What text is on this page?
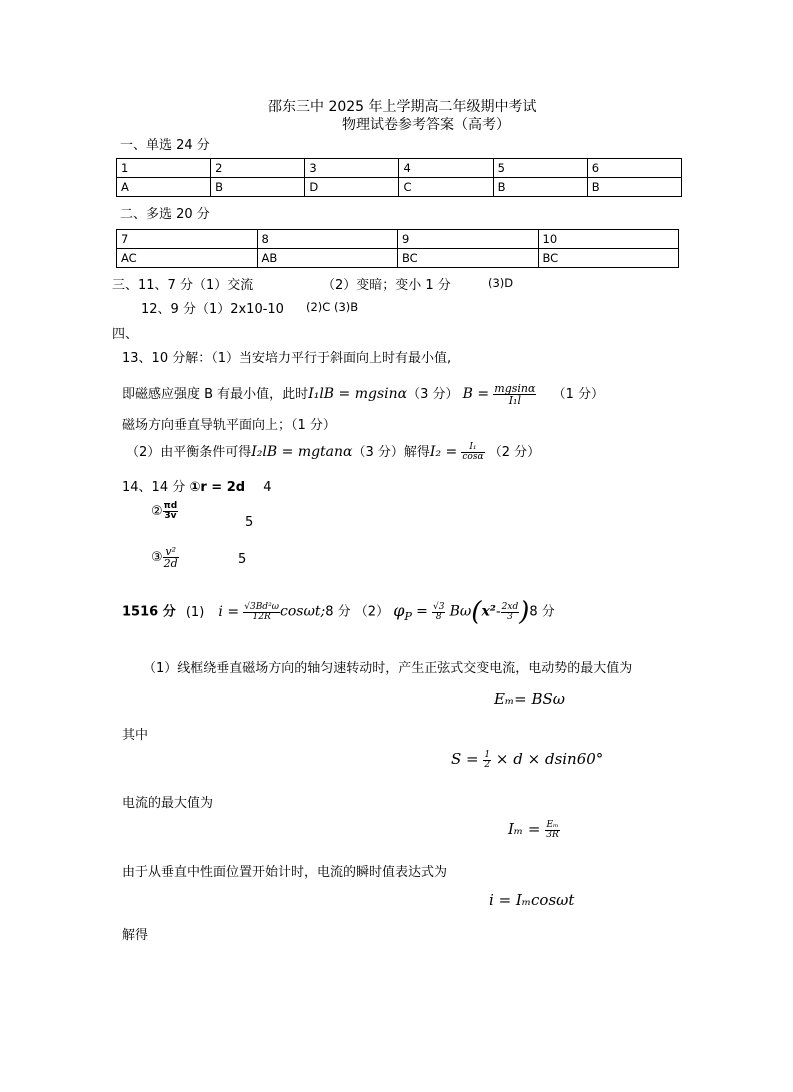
邵东三中 2025 年上学期高二年级期中考试
物理试卷参考答案（高考）
一、单选 24 分
1	2	3	4	5	6
A	B	D	C	B	B
二、多选 20 分
7	8	9	10
AC	AB	BC	BC
三、11、7 分（1）交流	（2）变暗；变小 1 分	(3)D
12、9 分（1）2x10-10 (2)C (3)B
四、
13、10 分解：（1）当安培力平行于斜面向上时有最小值,
即磁感应强度 B 有最小值，此时I₁lB = mgsinα（3 分） $B = \frac{mgsin\alpha}{\text{I₁l}} (1$ 分）
磁场方向垂直导轨平面向上；（1 分）
（2）由平衡条件可得I₂lB = mgtanα（3 分）解得$I_2 = \frac{\text{I₁}}{\cos\alpha} (2$ 分）
14、14 分 ①r = 2d 4
② $\frac{\pi d}{3v}$
5
③ $\frac{\text{v²}}{2d}$	5
1516 分 (1) $i = \frac{\text{√3Bd²ω}}{12R}$ cosωt;8 分 （2） $\varphi_P = \frac{√3}{8} B\omega(x^2- \frac{2xd}{3} )8$ 分
（1）线框绕垂直磁场方向的轴匀速转动时，产生正弦式交变电流，电动势的最大值为
Eₘ= BSω
其中
$S = \frac{1}{2} \times d \times dsin60^\circ$
电流的最大值为
$I_m = \frac{\text{Eₘ}}{3R}$
由于从垂直中性面位置开始计时，电流的瞬时值表达式为
i = Iₘcosωt
解得
